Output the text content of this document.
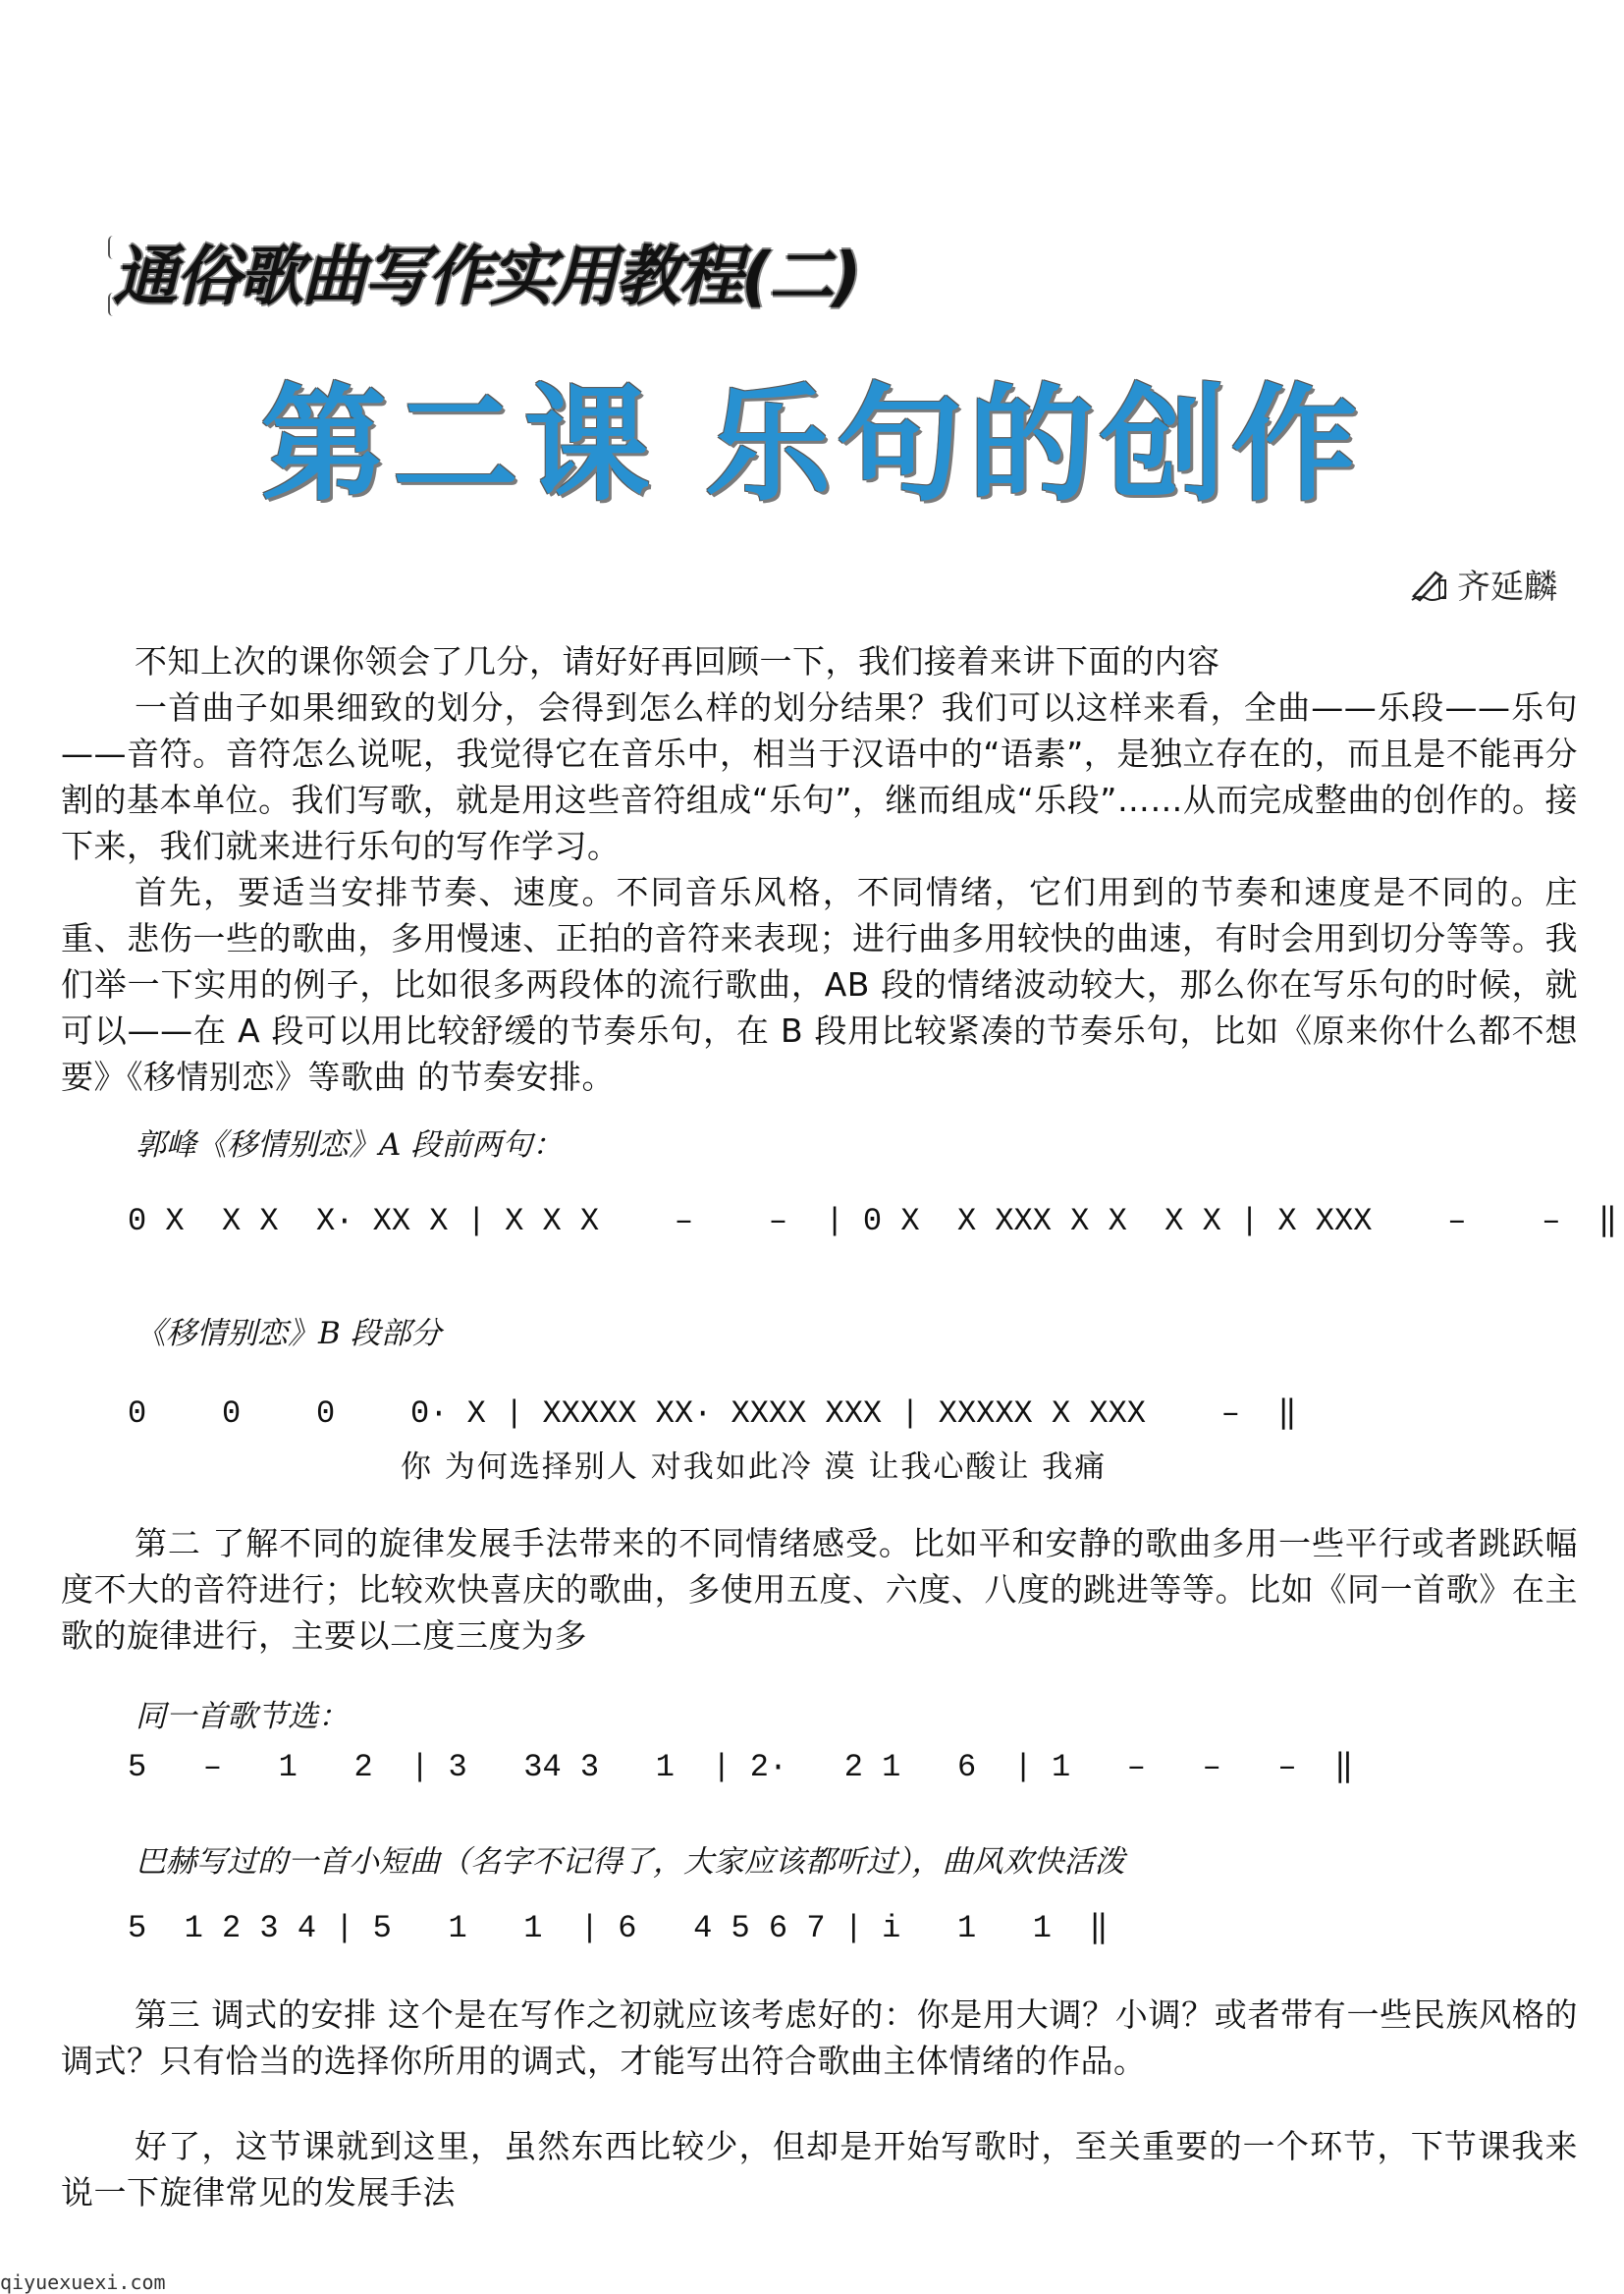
通俗歌曲写作实用教程(二)
第二课 乐句的创作
齐延麟

不知上次的课你领会了几分，请好好再回顾一下，我们接着来讲下面的内容

一首曲子如果细致的划分，会得到怎么样的划分结果？我们可以这样来看，全曲——乐段——乐句——音符。音符怎么说呢，我觉得它在音乐中，相当于汉语中的“语素”，是独立存在的，而且是不能再分割的基本单位。我们写歌，就是用这些音符组成“乐句”，继而组成“乐段”……从而完成整曲的创作的。接下来，我们就来进行乐句的写作学习。

首先，要适当安排节奏、速度。不同音乐风格，不同情绪，它们用到的节奏和速度是不同的。庄重、悲伤一些的歌曲，多用慢速、正拍的音符来表现；进行曲多用较快的曲速，有时会用到切分等等。我们举一下实用的例子，比如很多两段体的流行歌曲，AB 段的情绪波动较大，那么你在写乐句的时候，就可以——在 A 段可以用比较舒缓的节奏乐句，在 B 段用比较紧凑的节奏乐句，比如《原来你什么都不想要》《移情别恋》等歌曲 的节奏安排。

郭峰《移情别恋》A 段前两句：
0 X  X X  X· XX X | X X X    –    –  | 0 X  X XXX X X  X X | X XXX    –    –  ‖
《移情别恋》B 段部分
0    0    0    0· X | XXXXX XX· XXXX XXX | XXXXX X XXX    –  ‖
你 为何选择别人 对我如此冷 漠 让我心酸让 我痛

第二 了解不同的旋律发展手法带来的不同情绪感受。比如平和安静的歌曲多用一些平行或者跳跃幅度不大的音符进行；比较欢快喜庆的歌曲，多使用五度、六度、八度的跳进等等。比如《同一首歌》在主歌的旋律进行，主要以二度三度为多

同一首歌节选：
5   –   1   2  | 3   34 3   1  | 2·   2 1   6  | 1   –   –   –  ‖
巴赫写过的一首小短曲（名字不记得了，大家应该都听过），曲风欢快活泼
5  1 2 3 4 | 5   1   1  | 6   4 5 6 7 | i   1   1  ‖

第三 调式的安排 这个是在写作之初就应该考虑好的：你是用大调？小调？或者带有一些民族风格的调式？只有恰当的选择你所用的调式，才能写出符合歌曲主体情绪的作品。

好了，这节课就到这里，虽然东西比较少，但却是开始写歌时，至关重要的一个环节，下节课我来说一下旋律常见的发展手法

qiyuexuexi.com
